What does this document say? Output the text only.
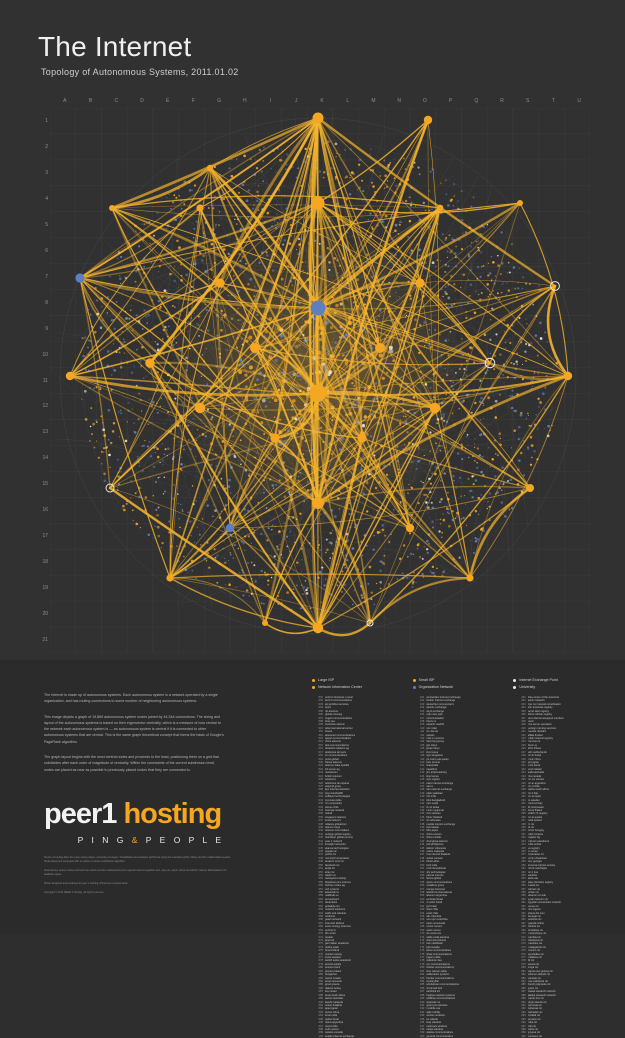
The Internet
Topology of Autonomous Systems, 2011.01.02
A	B	C	D	E	F	G	H	I	J	K	L	M	N	O	P	Q	R	S	T	U
1
2
3
4
5
6
7
8
9
10
11
12
13
14
15
16
17
18
19
20
21

The Internet is made up of autonomous systems. Each autonomous system is a network operated by a single organization, and has routing connections to some number of neighboring autonomous systems.

This image depicts a graph of 19,869 autonomous system nodes joined by 44,344 connections. The sizing and layout of the autonomous systems is based on their eigenvector centrality, which is a measure of how central to the network each autonomous system is — an autonomous system is central if it is connected to other autonomous systems that are central. This is the same graph theoretical concept that forms the basis of Google's PageRank algorithm.

The graph layout begins with the most central nodes and proceeds to the least, positioning them on a grid that subdivides after each order of magnitude of centrality. Within the constraints of the current subdivision level, nodes are placed as near as possible to previously placed nodes that they are connected to.

Large ISP
Network Information Center
Small ISP
Organization Network
Internet Exchange Point
University
001 verizon business / uunet
002 level 3 communications
003 att worldnet services
004 sprint
005 ntt america
006 global crossing
007 cogent communications
008 tinet spa
009 hurricane electric
010 telia international carrier
011 savvis
012 abovenet communications
013 qwest communications
014 china telecom
015 tata communications
016 deutsche telekom ag
017 telefonica del peru
018 xo communications
019 pccw global
020 france telecom
021 telecom italia sparkle
022 init seven ag
023 rostelecom
024 british telecom
025 swisscom
026 telefonica de espana
027 easynet group
028 kpn internet solutions
029 zayo bandwidth
030 softlayer technologies
031 comcast cable
032 rcn corporation
033 telmex chile
034 internap network
035 netrail
036 singapore telecom
037 korea telecom
038 reliance globalcom
039 telenor norge
040 telecom new zealand
041 verisign global registry
042 hutchison global comms
043 peer 1 network
044 limelight networks
045 akamai technologies
046 google inc
047 yahoo inc
048 microsoft corporation
049 amazon.com inc
050 facebook inc
051 apple inc
052 ebay inc
053 twitter inc
054 rackspace hosting
055 theplanet.com internet
056 hetzner online ag
057 ovh systems
058 leaseweb bv
059 netdirekt eu
060 serverbeach
061 dreamhost
062 godaddy.com
063 network solutions
064 cable and wireless
065 nordunet
066 geant network
067 internet2 abilene
068 esnet energy sciences
069 surfnet bv
070 dfn verein
071 renater
072 janet uk
073 garr italian academic
074 rediris spain
075 funet finland
076 uninett norway
077 sunet sweden
078 switch swiss academic
079 aconet austria
080 cesnet czech
081 pionier poland
082 hungarnet
083 carnet croatia
084 arnes slovenia
085 grnet greece
086 ulaknet turkey
087 iucc israel
088 tenet south africa
089 aarnet australia
090 kareN malaysia
091 uninet thailand
092 apan japan
093 cernet china
094 ernet india
095 rednet brasil
096 retina argentina
097 reuna chile
098 cudi mexico
099 canarie canada
100 seattle internet exchange
101 amsterdam internet exchange
102 london internet exchange
103 deutscher commercial ix
104 equinix exchange
105 any2 exchange
106 nyiix new york
107 netnod sweden
108 france ix
109 espanix madrid
110 mix milan
111 vix vienna
112 swissix
113 msk ix moscow
114 hkix hong kong
115 jpix tokyo
116 jpnap tokyo
117 kinx korea
118 sgix singapore
119 ptt metro sao paulo
120 torix toronto
121 ixaustralia
122 napafrica
123 jinx johannesburg
124 kixp kenya
125 ixpn nigeria
126 cairo internet exchange
127 uae ix
128 iran internet exchange
129 pakix pakistan
130 nixi india
131 bdix bangladesh
132 npix nepal
133 lix sri lanka
134 mmix myanmar
135 vnix vietnam
136 bknix thailand
137 iix indonesia
138 manila internet exchange
139 twix taiwan
140 bbix japan
141 china unicom
142 china mobile
143 chunghwa telecom
144 pldt philippines
145 telkom indonesia
146 maxis malaysia
147 true internet thailand
148 viettel vietnam
149 bharti airtel
150 bsnl india
151 vsnl international
152 sify technologies
153 pacnet internet
154 telstra global
155 optus communications
156 vodafone group
157 orange business
158 telefonica international
159 telecom argentina
160 embratel brasil
161 oi velox brasil
162 gvt brasil
163 claro chile
164 entel chile
165 etb colombia
166 une epm colombia
167 cantv venezuela
168 uninet mexico
169 axtel mexico
170 ice costa rica
171 cable onda panama
172 claro dominicana
173 cwc caribbean
174 bell canada
175 telus communications
176 shaw communications
177 rogers cable
178 videotron ltee
179 cox communications
180 charter communications
181 time warner cable
182 cablevision systems
183 frontier communications
184 centurylink
185 windstream communications
186 cincinnati bell
187 earthlink inc
188 hughes network systems
189 wildblue communications
190 clearwire us
191 sprint pcs wireless
192 t mobile usa
193 at&t mobility
194 verizon wireless
195 us cellular
196 leap wireless
197 metropcs wireless
198 ntelos wireless
199 alaska communications
200 general communication
201 data center of the americas
202 apnic research
203 ripe ncc network coordination
204 arin american registry
205 lacnic latin registry
206 afrinic african registry
207 iana internet assigned numbers
208 icann
209 root server operators
210 verisign naming services
211 neustar ultradns
212 afilias limited
213 public interest registry
214 nominet uk
215 denic eg
216 afnic france
217 sidn netherlands
218 nic.br brasil
219 cnnic china
220 jprs japan
221 krnic korea
222 twnic taiwan
223 auda australia
224 cira canada
225 nic.mx mexico
226 nic.ar argentina
227 nic.cl chile
228 zadna south africa
229 nic.it italy
230 nic.es spain
231 iis sweden
232 norid norway
233 dk hostmaster
234 ficora finland
235 switch ch registry
236 nic.at austria
237 nask poland
238 cz.nic
239 sk nic
240 isznic hungary
241 rotld romania
242 register bg
243 marnet macedonia
244 rnids serbia
245 ua registry
246 ru center
247 hostmaster kz
248 uznic uzbekistan
249 isoc georgia
250 armenia internet society
251 intrnic azerbaijan
252 nic.ir iran
253 saudinic
254 aeda uae
255 qatar domains registry
256 kuwait nic
257 bahrain nic
258 jordan nic
259 lebanon nic aub
260 syrian telecom nic
261 egyptian universities network
262 kenya nic
263 nira nigeria
264 ghana dot com
265 senegal nic
266 tanzania nic
267 uganda online
268 zambia nic
269 zimbabwe nic
270 mozambique nic
271 namibia nic
272 botswana nic
273 mauritius nic
274 madagascar nic
275 reunion nic
276 seychelles nic
277 maldives nic
278 fiji nic
279 samoa nic
280 tonga nic
281 papua new guinea nic
282 solomon islands nic
283 vanuatu nic
284 new caledonia nic
285 french polynesia nic
286 guam nic
287 hawaii research network
288 alaska research network
289 puerto rico nic
290 virgin islands nic
291 bermuda nic
292 bahamas nic
293 barbados nic
294 trinidad nic
295 jamaica nic
296 cuba nic
297 haiti nic
298 belize nic
299 guyana nic
300 suriname nic
peer1 hosting
P I N G & P E O P L E

Source of routing data: the route views project, university of oregon. Visualization and analysis performed using the networkx python library and the mathematica system. Node placement computed with a custom recursive subdivision algorithm.

Autonomous system names derived from whois records maintained by the regional internet registries arin, ripe ncc, apnic, lacnic and afrinic. Names abbreviated to fit available space.

Poster designed and produced for peer 1 hosting. Printed on recycled stock.

Copyright © 2011 PEER 1 Hosting. All rights reserved.
